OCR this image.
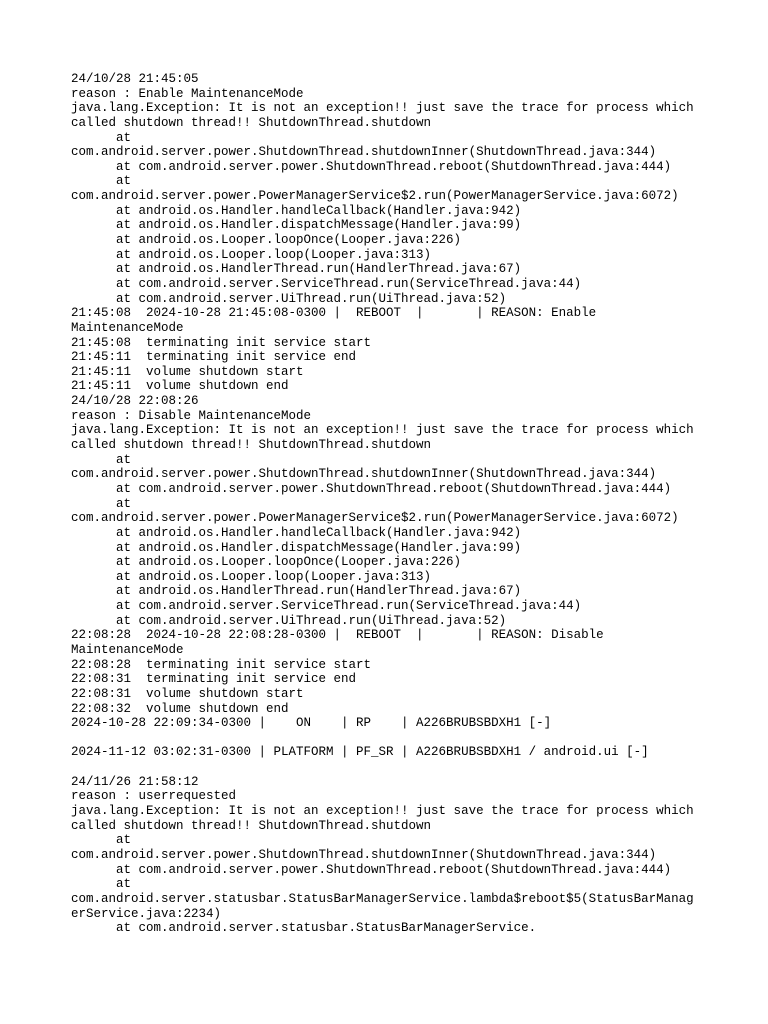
24/10/28 21:45:05
reason : Enable MaintenanceMode
java.lang.Exception: It is not an exception!! just save the trace for process which
called shutdown thread!! ShutdownThread.shutdown
at
com.android.server.power.ShutdownThread.shutdownInner(ShutdownThread.java:344)
at com.android.server.power.ShutdownThread.reboot(ShutdownThread.java:444)
at
com.android.server.power.PowerManagerService$2.run(PowerManagerService.java:6072)
at android.os.Handler.handleCallback(Handler.java:942)
at android.os.Handler.dispatchMessage(Handler.java:99)
at android.os.Looper.loopOnce(Looper.java:226)
at android.os.Looper.loop(Looper.java:313)
at android.os.HandlerThread.run(HandlerThread.java:67)
at com.android.server.ServiceThread.run(ServiceThread.java:44)
at com.android.server.UiThread.run(UiThread.java:52)
21:45:08  2024-10-28 21:45:08-0300 |  REBOOT  |       | REASON: Enable
MaintenanceMode
21:45:08  terminating init service start
21:45:11  terminating init service end
21:45:11  volume shutdown start
21:45:11  volume shutdown end
24/10/28 22:08:26
reason : Disable MaintenanceMode
java.lang.Exception: It is not an exception!! just save the trace for process which
called shutdown thread!! ShutdownThread.shutdown
at
com.android.server.power.ShutdownThread.shutdownInner(ShutdownThread.java:344)
at com.android.server.power.ShutdownThread.reboot(ShutdownThread.java:444)
at
com.android.server.power.PowerManagerService$2.run(PowerManagerService.java:6072)
at android.os.Handler.handleCallback(Handler.java:942)
at android.os.Handler.dispatchMessage(Handler.java:99)
at android.os.Looper.loopOnce(Looper.java:226)
at android.os.Looper.loop(Looper.java:313)
at android.os.HandlerThread.run(HandlerThread.java:67)
at com.android.server.ServiceThread.run(ServiceThread.java:44)
at com.android.server.UiThread.run(UiThread.java:52)
22:08:28  2024-10-28 22:08:28-0300 |  REBOOT  |       | REASON: Disable
MaintenanceMode
22:08:28  terminating init service start
22:08:31  terminating init service end
22:08:31  volume shutdown start
22:08:32  volume shutdown end
2024-10-28 22:09:34-0300 |    ON    | RP    | A226BRUBSBDXH1 [-]
2024-11-12 03:02:31-0300 | PLATFORM | PF_SR | A226BRUBSBDXH1 / android.ui [-]
24/11/26 21:58:12
reason : userrequested
java.lang.Exception: It is not an exception!! just save the trace for process which
called shutdown thread!! ShutdownThread.shutdown
at
com.android.server.power.ShutdownThread.shutdownInner(ShutdownThread.java:344)
at com.android.server.power.ShutdownThread.reboot(ShutdownThread.java:444)
at
com.android.server.statusbar.StatusBarManagerService.lambda$reboot$5(StatusBarManag
erService.java:2234)
at com.android.server.statusbar.StatusBarManagerService.
